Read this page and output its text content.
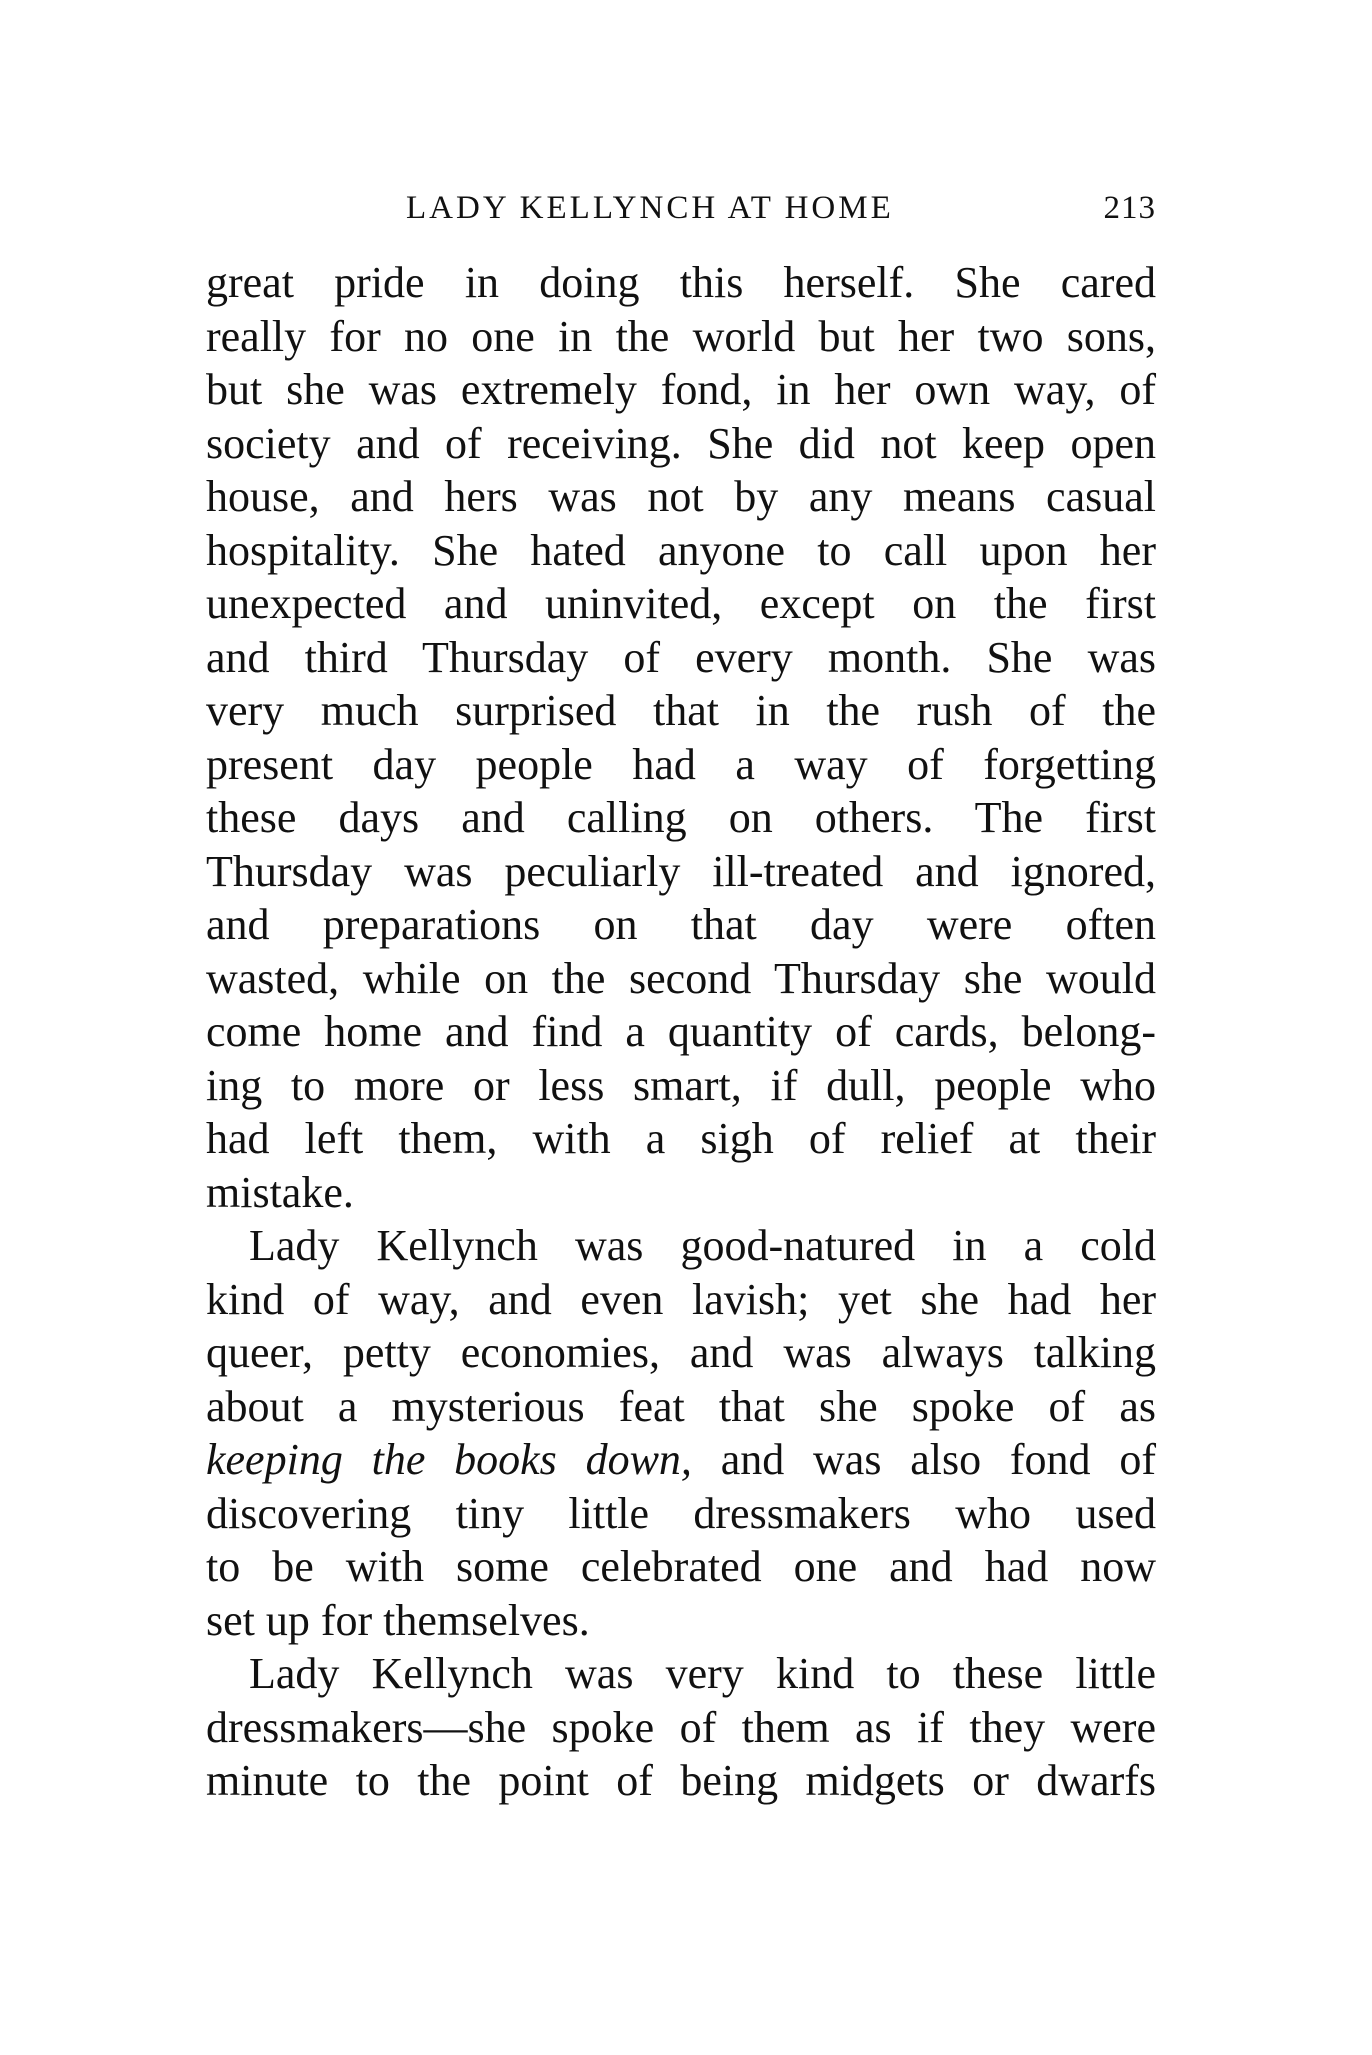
LADY KELLYNCH AT HOME	213
great pride in doing this herself. She cared
really for no one in the world but her two sons,
but she was extremely fond, in her own way, of
society and of receiving. She did not keep open
house, and hers was not by any means casual
hospitality. She hated anyone to call upon her
unexpected and uninvited, except on the first
and third Thursday of every month. She was
very much surprised that in the rush of the
present day people had a way of forgetting
these days and calling on others. The first
Thursday was peculiarly ill-treated and ignored,
and preparations on that day were often
wasted, while on the second Thursday she would
come home and find a quantity of cards, belong-
ing to more or less smart, if dull, people who
had left them, with a sigh of relief at their
mistake.
Lady Kellynch was good-natured in a cold
kind of way, and even lavish; yet she had her
queer, petty economies, and was always talking
about a mysterious feat that she spoke of as
keeping the books down, and was also fond of
discovering tiny little dressmakers who used
to be with some celebrated one and had now
set up for themselves.
Lady Kellynch was very kind to these little
dressmakers—she spoke of them as if they were
minute to the point of being midgets or dwarfs
